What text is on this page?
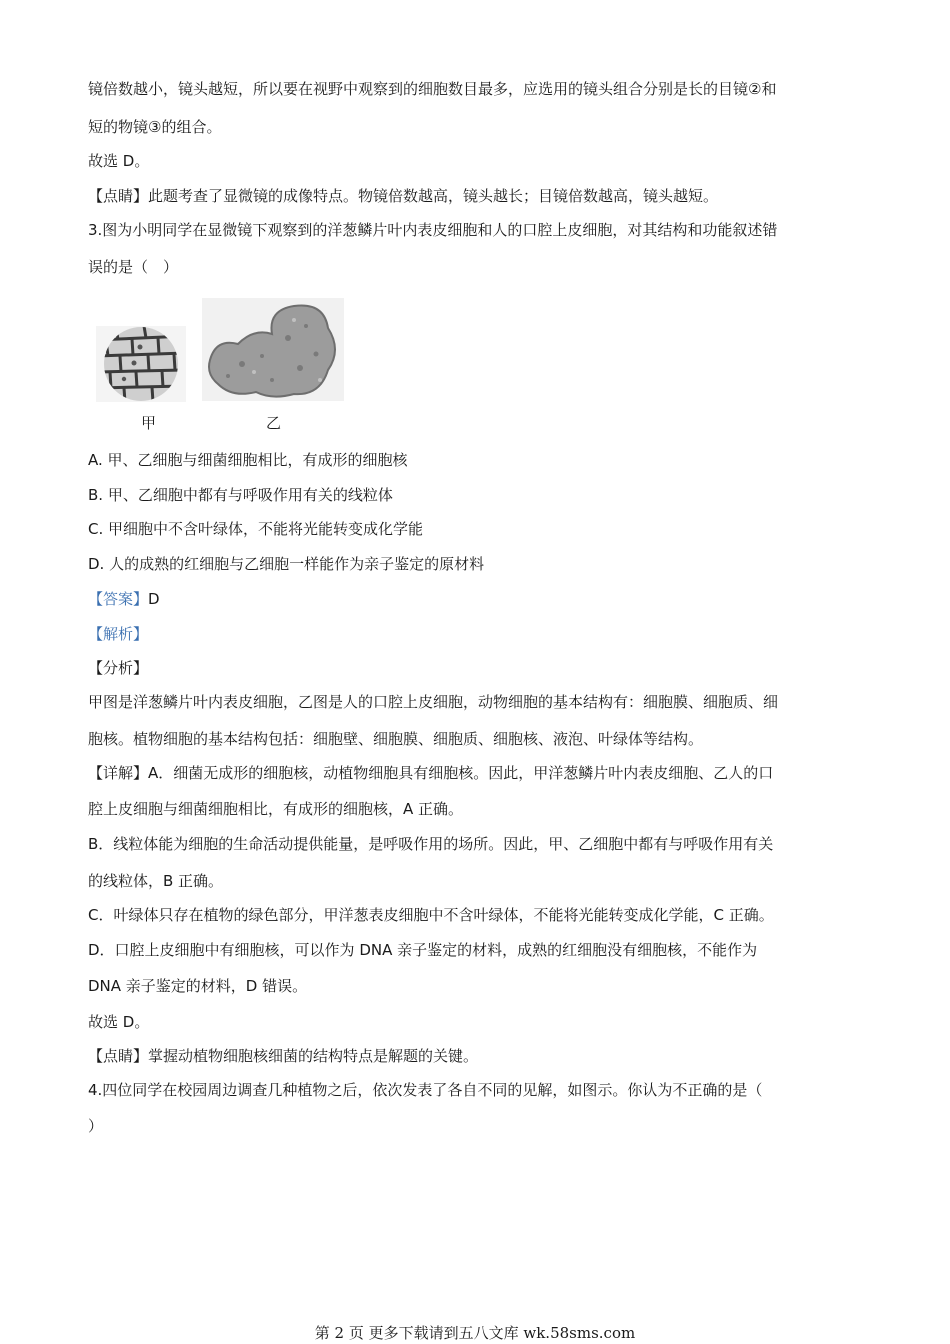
镜倍数越小，镜头越短，所以要在视野中观察到的细胞数目最多，应选用的镜头组合分别是长的目镜②和
短的物镜③的组合。
故选 D。
【点睛】此题考查了显微镜的成像特点。物镜倍数越高，镜头越长；目镜倍数越高，镜头越短。
3.图为小明同学在显微镜下观察到的洋葱鳞片叶内表皮细胞和人的口腔上皮细胞，对其结构和功能叙述错
误的是（　）
甲	乙
A. 甲、乙细胞与细菌细胞相比，有成形的细胞核
B. 甲、乙细胞中都有与呼吸作用有关的线粒体
C. 甲细胞中不含叶绿体，不能将光能转变成化学能
D. 人的成熟的红细胞与乙细胞一样能作为亲子鉴定的原材料
【答案】D
【解析】
【分析】
甲图是洋葱鳞片叶内表皮细胞，乙图是人的口腔上皮细胞，动物细胞的基本结构有：细胞膜、细胞质、细
胞核。植物细胞的基本结构包括：细胞壁、细胞膜、细胞质、细胞核、液泡、叶绿体等结构。
【详解】A．细菌无成形的细胞核，动植物细胞具有细胞核。因此，甲洋葱鳞片叶内表皮细胞、乙人的口
腔上皮细胞与细菌细胞相比，有成形的细胞核，A 正确。
B．线粒体能为细胞的生命活动提供能量，是呼吸作用的场所。因此，甲、乙细胞中都有与呼吸作用有关
的线粒体，B 正确。
C．叶绿体只存在植物的绿色部分，甲洋葱表皮细胞中不含叶绿体，不能将光能转变成化学能，C 正确。
D．口腔上皮细胞中有细胞核，可以作为 DNA 亲子鉴定的材料，成熟的红细胞没有细胞核，不能作为
DNA 亲子鉴定的材料，D 错误。
故选 D。
【点睛】掌握动植物细胞核细菌的结构特点是解题的关键。
4.四位同学在校园周边调查几种植物之后，依次发表了各自不同的见解，如图示。你认为不正确的是（
）
第 2 页 更多下载请到五八文库 wk.58sms.com
